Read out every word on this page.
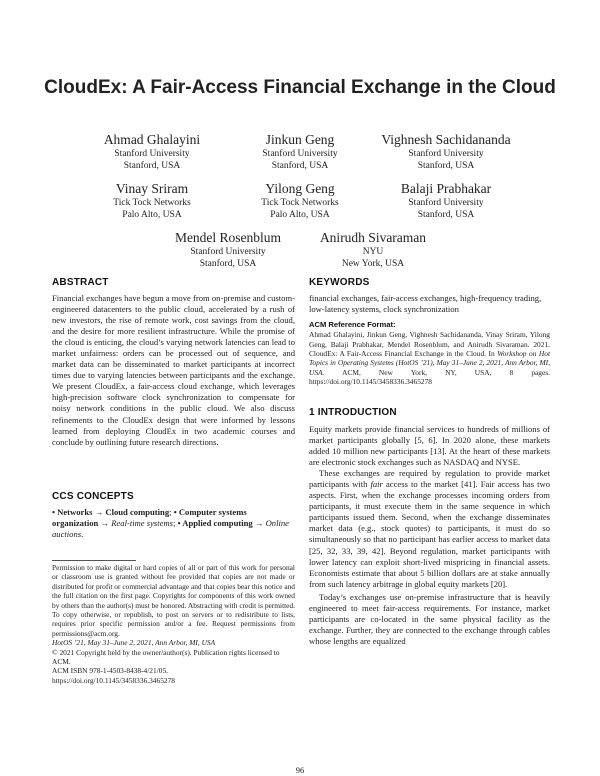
CloudEx: A Fair-Access Financial Exchange in the Cloud
Ahmad Ghalayini
Stanford University
Stanford, USA
Jinkun Geng
Stanford University
Stanford, USA
Vighnesh Sachidananda
Stanford University
Stanford, USA
Vinay Sriram
Tick Tock Networks
Palo Alto, USA
Yilong Geng
Tick Tock Networks
Palo Alto, USA
Balaji Prabhakar
Stanford University
Stanford, USA
Mendel Rosenblum
Stanford University
Stanford, USA
Anirudh Sivaraman
NYU
New York, USA
ABSTRACT
Financial exchanges have begun a move from on-premise and custom-engineered datacenters to the public cloud, accelerated by a rush of new investors, the rise of remote work, cost savings from the cloud, and the desire for more resilient infrastructure. While the promise of the cloud is enticing, the cloud’s varying network latencies can lead to market unfairness: orders can be processed out of sequence, and market data can be disseminated to market participants at incorrect times due to varying latencies between participants and the exchange. We present CloudEx, a fair-access cloud exchange, which leverages high-precision software clock synchronization to compensate for noisy network conditions in the public cloud. We also discuss refinements to the CloudEx design that were informed by lessons learned from deploying CloudEx in two academic courses and conclude by outlining future research directions.
CCS CONCEPTS
• Networks → Cloud computing; • Computer systems organization → Real-time systems; • Applied computing → Online auctions.
Permission to make digital or hard copies of all or part of this work for personal or classroom use is granted without fee provided that copies are not made or distributed for profit or commercial advantage and that copies bear this notice and the full citation on the first page. Copyrights for components of this work owned by others than the author(s) must be honored. Abstracting with credit is permitted. To copy otherwise, or republish, to post on servers or to redistribute to lists, requires prior specific permission and/or a fee. Request permissions from permissions@acm.org.
HotOS ’21, May 31–June 2, 2021, Ann Arbor, MI, USA
© 2021 Copyright held by the owner/author(s). Publication rights licensed to ACM.
ACM ISBN 978-1-4503-8438-4/21/05.
https://doi.org/10.1145/3458336.3465278
KEYWORDS
financial exchanges, fair-access exchanges, high-frequency trading, low-latency systems, clock synchronization
ACM Reference Format:
Ahmad Ghalayini, Jinkun Geng, Vighnesh Sachidananda, Vinay Sriram, Yilong Geng, Balaji Prabhakar, Mendel Rosenblum, and Anirudh Sivaraman. 2021. CloudEx: A Fair-Access Financial Exchange in the Cloud. In Workshop on Hot Topics in Operating Systems (HotOS ’21), May 31–June 2, 2021, Ann Arbor, MI, USA. ACM, New York, NY, USA, 8 pages. https://doi.org/10.1145/3458336.3465278
1 INTRODUCTION
Equity markets provide financial services to hundreds of millions of market participants globally [5, 6]. In 2020 alone, these markets added 10 million new participants [13]. At the heart of these markets are electronic stock exchanges such as NASDAQ and NYSE.
These exchanges are required by regulation to provide market participants with fair access to the market [41]. Fair access has two aspects. First, when the exchange processes incoming orders from participants, it must execute them in the same sequence in which participants issued them. Second, when the exchange disseminates market data (e.g., stock quotes) to participants, it must do so simultaneously so that no participant has earlier access to market data [25, 32, 33, 39, 42]. Beyond regulation, market participants with lower latency can exploit short-lived mispricing in financial assets. Economists estimate that about 5 billion dollars are at stake annually from such latency arbitrage in global equity markets [20].
Today’s exchanges use on-premise infrastructure that is heavily engineered to meet fair-access requirements. For instance, market participants are co-located in the same physical facility as the exchange. Further, they are connected to the exchange through cables whose lengths are equalized
96
